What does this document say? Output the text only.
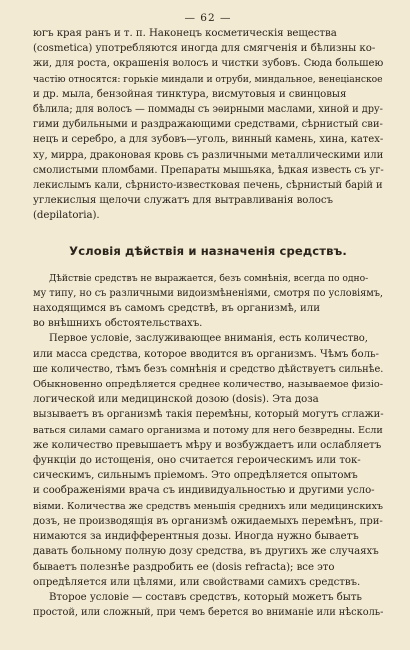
— 62 —

югъ края ранъ и т. п. Наконецъ косметическія вещества
(cosmetica) употребляются иногда для смягченія и бѣлизны ко-
жи, для роста, окрашенія волосъ и чистки зубовъ. Сюда большею
частію относятся: горькіе миндали и отруби, миндальное, венеціанское
и др. мыла, бензойная тинктура, висмутовыя и свинцовыя
бѣлила; для волосъ — поммады съ эѳирными маслами, хиной и дру-
гими дубильными и раздражающими средствами, сѣрнистый сви-
нецъ и серебро, а для зубовъ—уголь, винный камень, хина, катех-
ху, мирра, драконовая кровь съ различными металлическими или
смолистыми пломбами. Препараты мышьяка, ѣдкая известь съ уг-
лекислымъ кали, сѣрнисто-известковая печень, сѣрнистый барій и
углекислыя щелочи служатъ для вытравливанія волосъ
(depilatoria).

Условія дѣйствія и назначенія средствъ.

Дѣйствіе средствъ не выражается, безъ сомнѣнія, всегда по одно-
му типу, но съ различными видоизмѣненіями, смотря по условіямъ,
находящимся въ самомъ средствѣ, въ организмѣ, или
во внѣшнихъ обстоятельствахъ.

Первое условіе, заслуживающее вниманія, есть количество,
или масса средства, которое вводится въ организмъ. Чѣмъ боль-
ше количество, тѣмъ безъ сомнѣнія и средство дѣйствуетъ сильнѣе.
Обыкновенно опредѣляется среднее количество, называемое физіо-
логической или медицинской дозою (dosis). Эта доза
вызываетъ въ организмѣ такія перемѣны, который могутъ сглажи-
ваться силами самаго организма и потому для него безвредны. Если
же количество превышаетъ мѣру и возбуждаетъ или ослабляетъ
функціи до истощенія, оно считается героическимъ или ток-
сическимъ, сильнымъ пріемомъ. Это опредѣляется опытомъ
и соображеніями врача съ индивидуальностью и другими усло-
віями. Количества же средствъ меньшія среднихъ или медицинскихъ
дозъ, не производящія въ организмѣ ожидаемыхъ перемѣнъ, при-
нимаются за индифферентныя дозы. Иногда нужно бываетъ
давать больному полную дозу средства, въ другихъ же случаяхъ
бываетъ полезнѣе раздробить ее (dosis refracta); все это
опредѣляется или цѣлями, или свойствами самихъ средствъ.

Второе условіе — составъ средствъ, который можетъ быть
простой, или сложный, при чемъ берется во вниманіе или нѣсколь-
